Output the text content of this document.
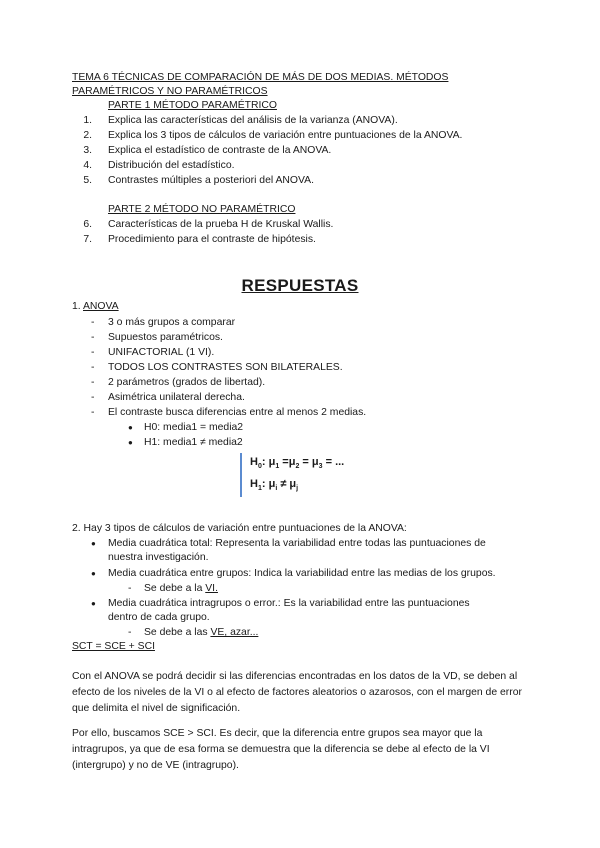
TEMA 6 TÉCNICAS DE COMPARACIÓN DE MÁS DE DOS MEDIAS. MÉTODOS
PARAMÉTRICOS Y NO PARAMÉTRICOS
PARTE 1 MÉTODO PARAMÉTRICO
1. Explica las características del análisis de la varianza (ANOVA).
2. Explica los 3 tipos de cálculos de variación entre puntuaciones de la ANOVA.
3. Explica el estadístico de contraste de la ANOVA.
4. Distribución del estadístico.
5. Contrastes múltiples a posteriori del ANOVA.
PARTE 2 MÉTODO NO PARAMÉTRICO
6. Características de la prueba H de Kruskal Wallis.
7. Procedimiento para el contraste de hipótesis.
RESPUESTAS
1. ANOVA
- 3 o más grupos a comparar
- Supuestos paramétricos.
- UNIFACTORIAL (1 VI).
- TODOS LOS CONTRASTES SON BILATERALES.
- 2 parámetros (grados de libertad).
- Asimétrica unilateral derecha.
- El contraste busca diferencias entre al menos 2 medias.
● H0: media1 = media2
● H1: media1 ≠ media2
$H_0$: $\mu_1 =\mu_2 = \mu_3$ = ...
$H_1$: $\mu_i \ne \mu_j$
2. Hay 3 tipos de cálculos de variación entre puntuaciones de la ANOVA:
● Media cuadrática total: Representa la variabilidad entre todas las puntuaciones de
nuestra investigación.
● Media cuadrática entre grupos: Indica la variabilidad entre las medias de los grupos.
- Se debe a la VI.
● Media cuadrática intragrupos o error.: Es la variabilidad entre las puntuaciones
dentro de cada grupo.
- Se debe a las VE, azar...
SCT = SCE + SCI
Con el ANOVA se podrá decidir si las diferencias encontradas en los datos de la VD, se deben al efecto de los niveles de la VI o al efecto de factores aleatorios o azarosos, con el margen de error que delimita el nivel de significación.
Por ello, buscamos SCE > SCI. Es decir, que la diferencia entre grupos sea mayor que la intragrupos, ya que de esa forma se demuestra que la diferencia se debe al efecto de la VI (intergrupo) y no de VE (intragrupo).
